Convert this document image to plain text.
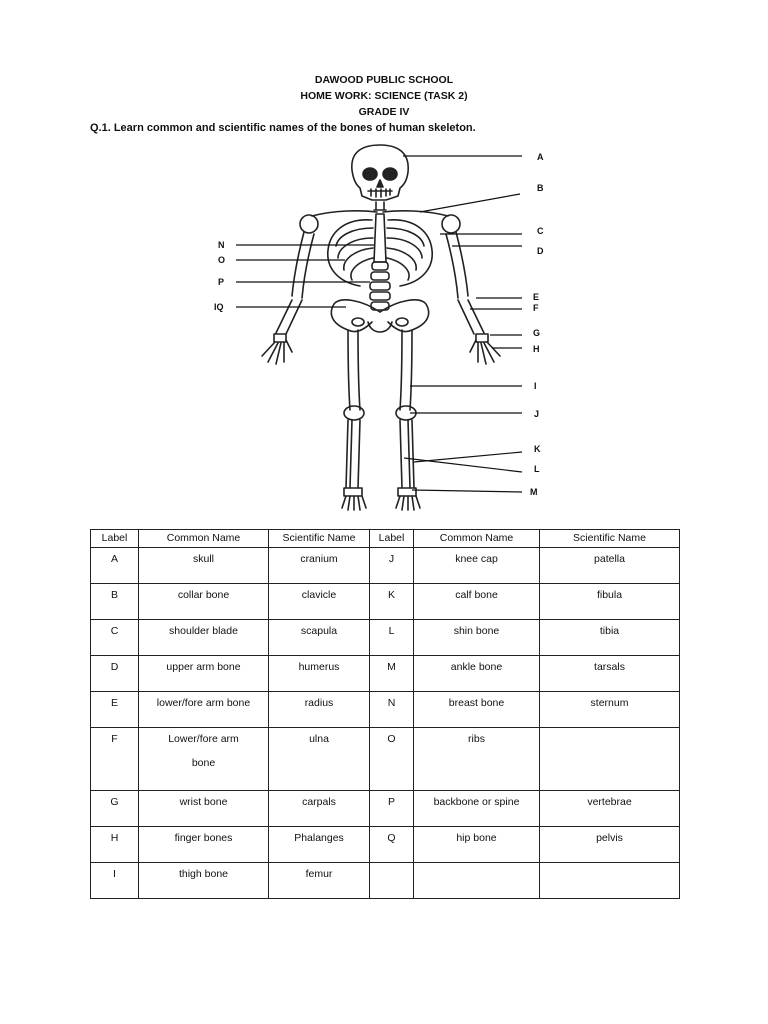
DAWOOD PUBLIC SCHOOL
HOME WORK: SCIENCE (TASK 2)
GRADE IV
Q.1. Learn common and scientific names of the bones of human skeleton.
A
B
C
D
E
F
G
H
I
J
K
L
M
N
O
P
IQ
Label	Common Name	Scientific Name	Label	Common Name	Scientific Name
A	skull	cranium	J	knee cap	patella
B	collar bone	clavicle	K	calf bone	fibula
C	shoulder blade	scapula	L	shin bone	tibia
D	upper arm bone	humerus	M	ankle bone	tarsals
E	lower/fore arm bone	radius	N	breast bone	sternum
F	Lower/fore arm
bone	ulna	O	ribs	
G	wrist bone	carpals	P	backbone or spine	vertebrae
H	finger bones	Phalanges	Q	hip bone	pelvis
I	thigh bone	femur			
